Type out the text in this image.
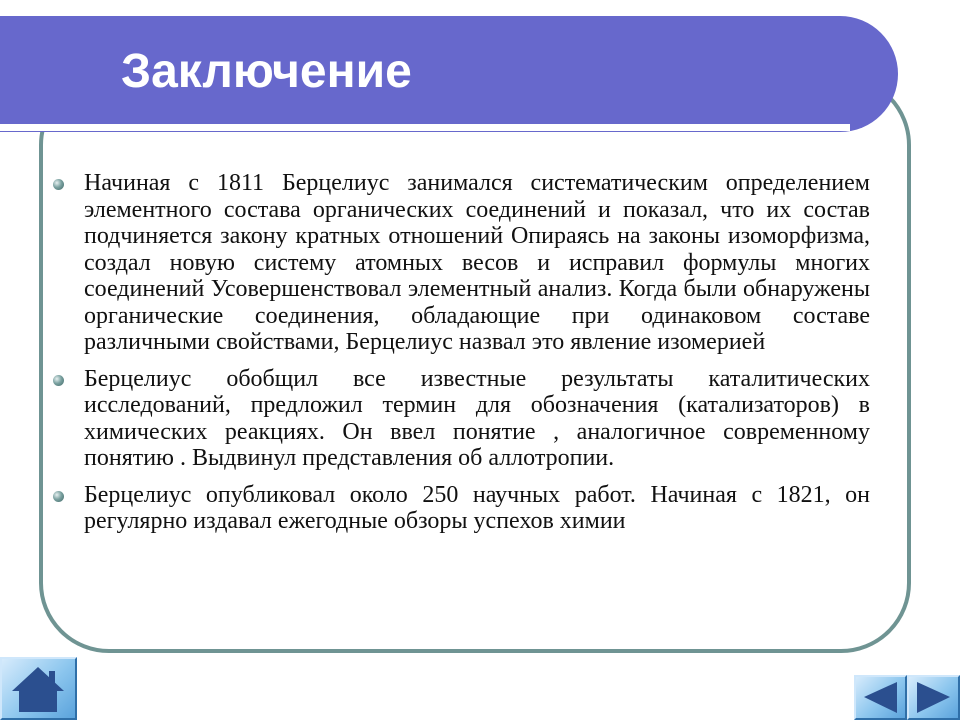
Заключение
Начиная с 1811 Берцелиус занимался систематическим определением элементного состава органических соединений и показал, что их состав подчиняется закону кратных отношений Опираясь на законы изоморфизма, создал новую систему атомных весов и исправил формулы многих соединений Усовершенствовал элементный анализ. Когда были обнаружены органические соединения, обладающие при одинаковом составе различными свойствами, Берцелиус назвал это явление изомерией
Берцелиус обобщил все известные результаты каталитических исследований, предложил термин для обозначения (катализаторов) в химических реакциях. Он ввел понятие , аналогичное современному понятию . Выдвинул представления об аллотропии.
Берцелиус опубликовал около 250 научных работ. Начиная с 1821, он регулярно издавал ежегодные обзоры успехов химии
